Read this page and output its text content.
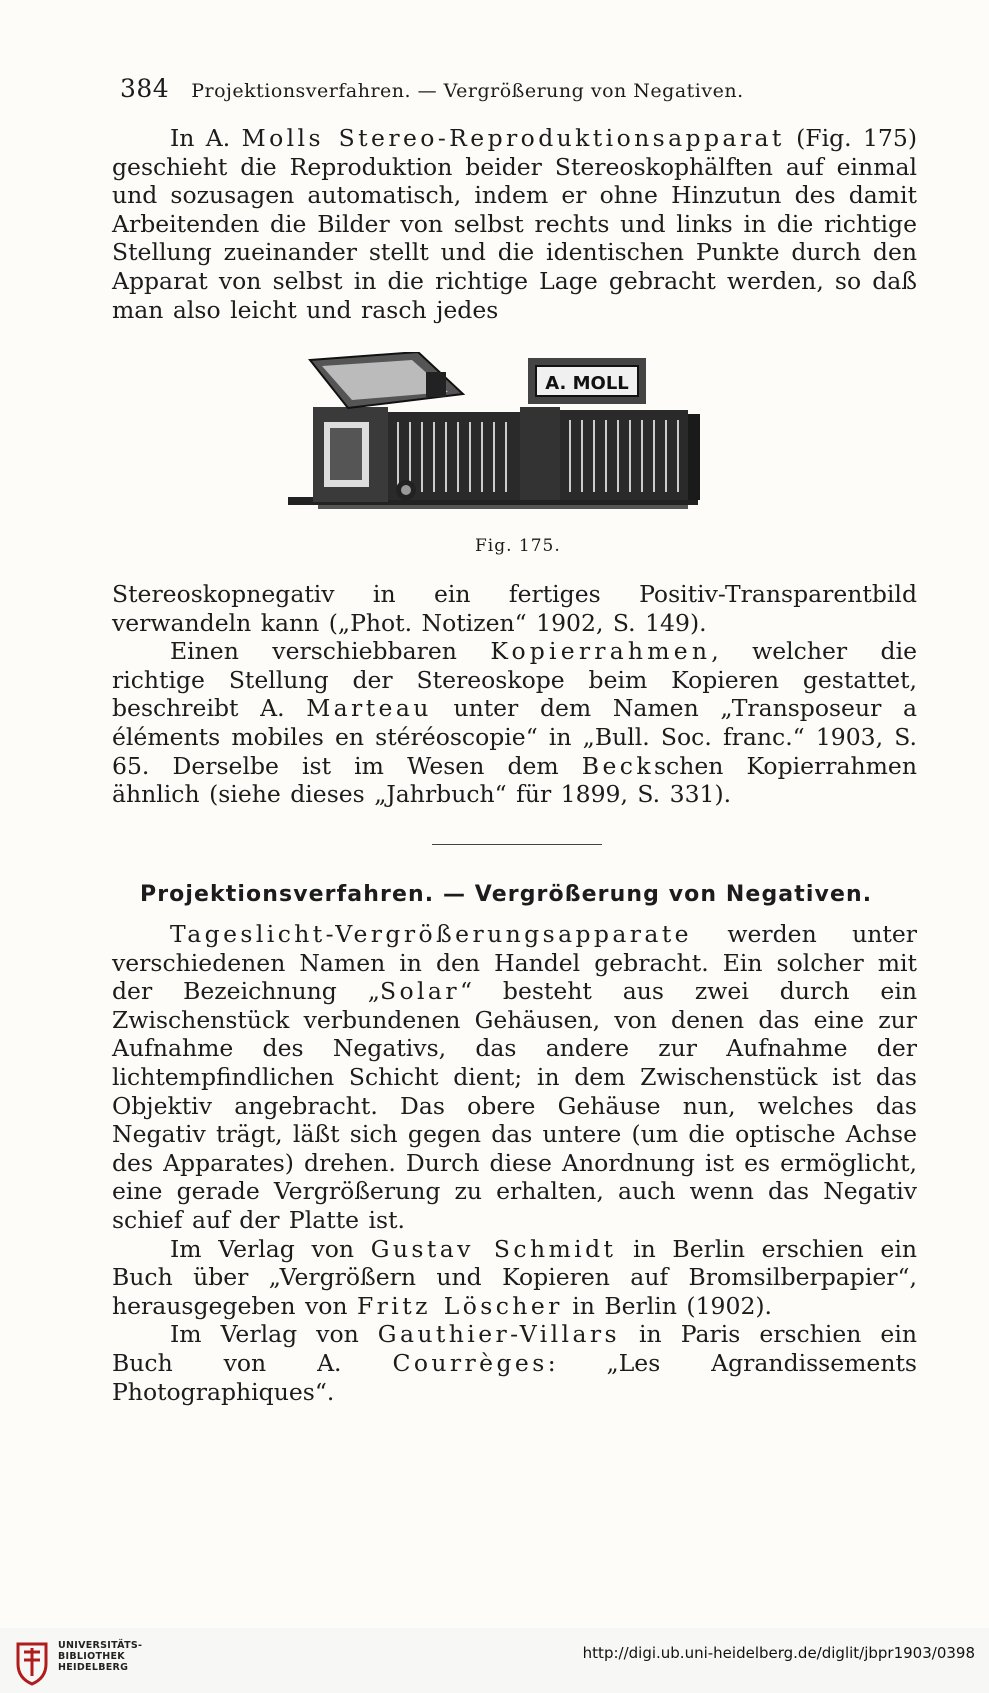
384 Projektionsverfahren. — Vergrößerung von Negativen.

In A. Molls Stereo-Reproduktionsapparat (Fig. 175) geschieht die Reproduktion beider Stereoskophälften auf einmal und sozusagen automatisch, indem er ohne Hinzutun des damit Arbeitenden die Bilder von selbst rechts und links in die richtige Stellung zueinander stellt und die identischen Punkte durch den Apparat von selbst in die richtige Lage gebracht werden, so daß man also leicht und rasch jedes

A. MOLL
Fig. 175.

Stereoskopnegativ in ein fertiges Positiv-Transparentbild verwandeln kann („Phot. Notizen“ 1902, S. 149).

Einen verschiebbaren Kopierrahmen, welcher die richtige Stellung der Stereoskope beim Kopieren gestattet, beschreibt A. Marteau unter dem Namen „Transposeur a éléments mobiles en stéréoscopie“ in „Bull. Soc. franc.“ 1903, S. 65. Derselbe ist im Wesen dem Beckschen Kopierrahmen ähnlich (siehe dieses „Jahrbuch“ für 1899, S. 331).

Projektionsverfahren. — Vergrößerung von Negativen.

Tageslicht-Vergrößerungsapparate werden unter verschiedenen Namen in den Handel gebracht. Ein solcher mit der Bezeichnung „Solar“ besteht aus zwei durch ein Zwischenstück verbundenen Gehäusen, von denen das eine zur Aufnahme des Negativs, das andere zur Aufnahme der lichtempfindlichen Schicht dient; in dem Zwischenstück ist das Objektiv angebracht. Das obere Gehäuse nun, welches das Negativ trägt, läßt sich gegen das untere (um die optische Achse des Apparates) drehen. Durch diese Anordnung ist es ermöglicht, eine gerade Vergrößerung zu erhalten, auch wenn das Negativ schief auf der Platte ist.

Im Verlag von Gustav Schmidt in Berlin erschien ein Buch über „Vergrößern und Kopieren auf Bromsilberpapier“, herausgegeben von Fritz Löscher in Berlin (1902).

Im Verlag von Gauthier-Villars in Paris erschien ein Buch von A. Courrèges: „Les Agrandissements Photographiques“.

UNIVERSITÄTS-
BIBLIOTHEK
HEIDELBERG
http://digi.ub.uni-heidelberg.de/diglit/jbpr1903/0398
